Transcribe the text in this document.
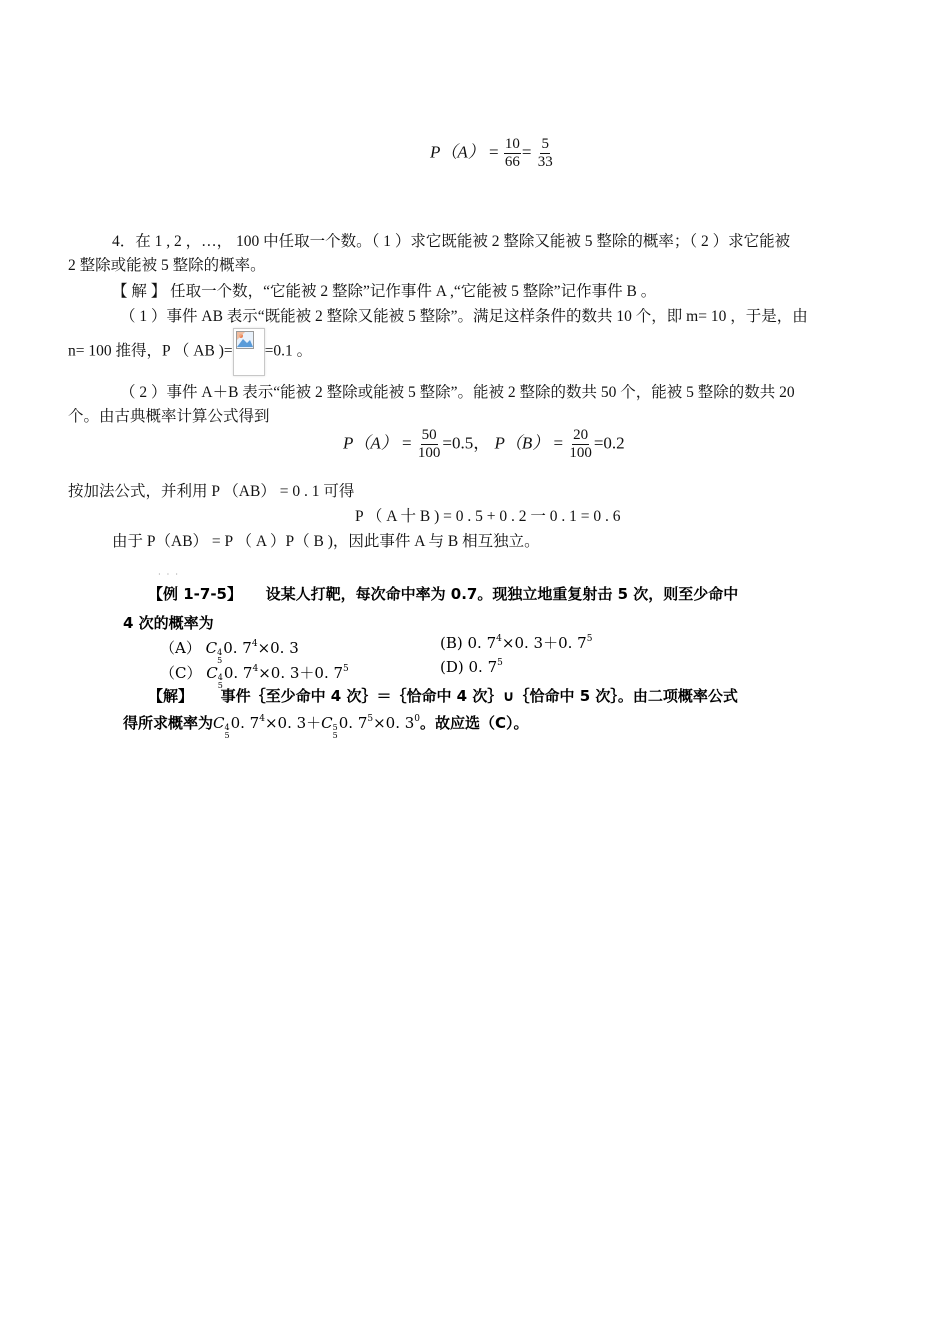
$P(A) = \frac{10}{66} = \frac{5}{33}$
4．在 1 , 2 ，…， 100 中任取一个数。（ 1 ）求它既能被 2 整除又能被 5 整除的概率；（ 2 ）求它能被
2 整除或能被 5 整除的概率。
【 解 】 任取一个数，“它能被 2 整除”记作事件 A ,“它能被 5 整除”记作事件 B 。
（ 1 ）事件 AB 表示“既能被 2 整除又能被 5 整除”。满足这样条件的数共 10 个，即 m= 10 ，于是，由
n= 100 推得，P （ AB )= =0.1 。
（ 2 ）事件 A＋B 表示“能被 2 整除或能被 5 整除”。能被 2 整除的数共 50 个，能被 5 整除的数共 20
个。由古典概率计算公式得到
$P(A) = \frac{50}{100} =0.5$， $P(B) = \frac{20}{100} =0.2$
按加法公式，并利用 P （AB） = 0 . 1 可得
P （ A 十 B ) = 0 . 5 + 0 . 2 一 0 . 1 = 0 . 6
由于 P（AB） = P （ A ）P（ B )，因此事件 A 与 B 相互独立。
· · ·
【例 1-7-5】 设某人打靶，每次命中率为 0.7。现独立地重复射击 5 次，则至少命中
4 次的概率为
（A） C 4
5
0. $7^4\times 0$. 3	(B) 0. $7^4\times 0$. 3＋0. $7^5$
（C） C 4
5
0. $7^4\times 0$. 3＋0. $7^5$	(D) 0. $7^5$
【解】 事件｛至少命中 4 次｝＝｛恰命中 4 次｝∪｛恰命中 5 次｝。由二项概率公式
得所求概率为C 4
5
0. $7^4\times 0$. 3＋C 5
5
0. $7^5\times 0$. $3^0$。故应选（C）。
